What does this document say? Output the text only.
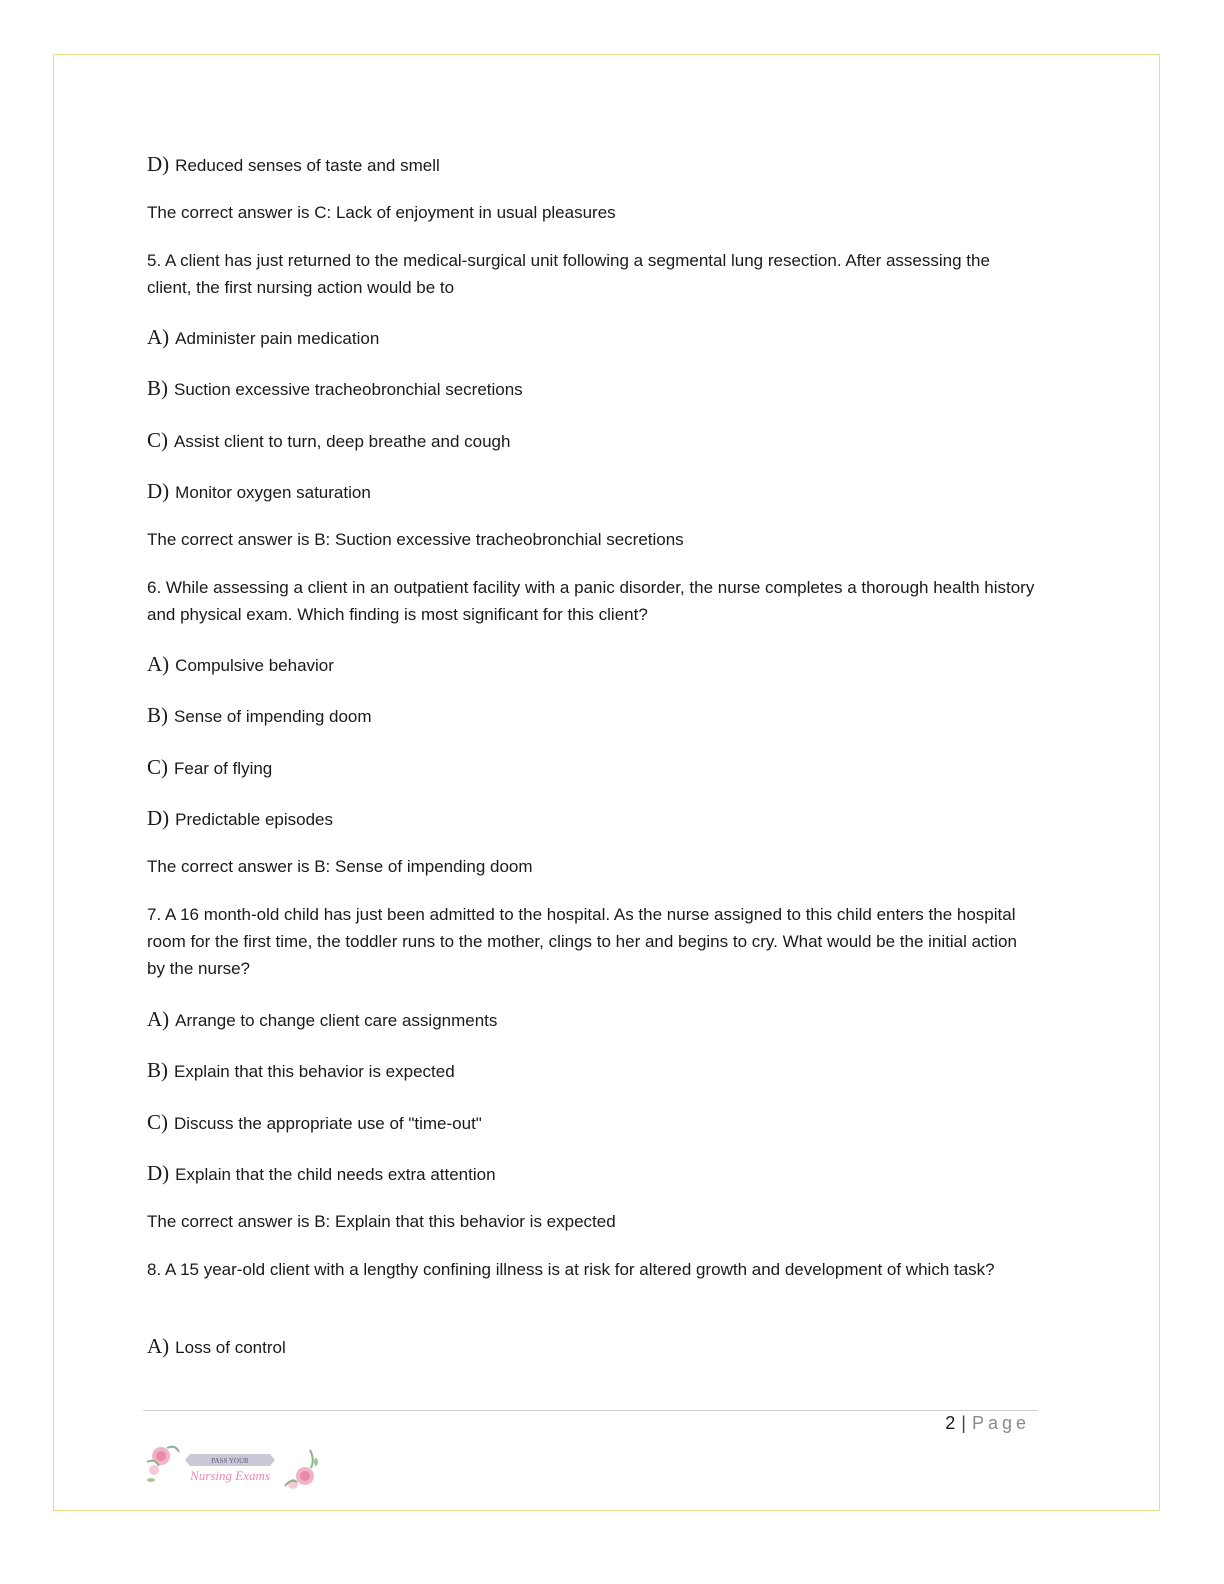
D) Reduced senses of taste and smell
The correct answer is C: Lack of enjoyment in usual pleasures
5. A client has just returned to the medical-surgical unit following a segmental lung resection. After assessing the client, the first nursing action would be to
A) Administer pain medication
B) Suction excessive tracheobronchial secretions
C) Assist client to turn, deep breathe and cough
D) Monitor oxygen saturation
The correct answer is B: Suction excessive tracheobronchial secretions
6. While assessing a client in an outpatient facility with a panic disorder, the nurse completes a thorough health history and physical exam. Which finding is most significant for this client?
A) Compulsive behavior
B) Sense of impending doom
C) Fear of flying
D) Predictable episodes
The correct answer is B: Sense of impending doom
7. A 16 month-old child has just been admitted to the hospital. As the nurse assigned to this child enters the hospital room for the first time, the toddler runs to the mother, clings to her and begins to cry. What would be the initial action by the nurse?
A) Arrange to change client care assignments
B) Explain that this behavior is expected
C) Discuss the appropriate use of "time-out"
D) Explain that the child needs extra attention
The correct answer is B: Explain that this behavior is expected
8. A 15 year-old client with a lengthy confining illness is at risk for altered growth and development of which task?
A) Loss of control
2 | Page
PASS YOUR
Nursing Exams
